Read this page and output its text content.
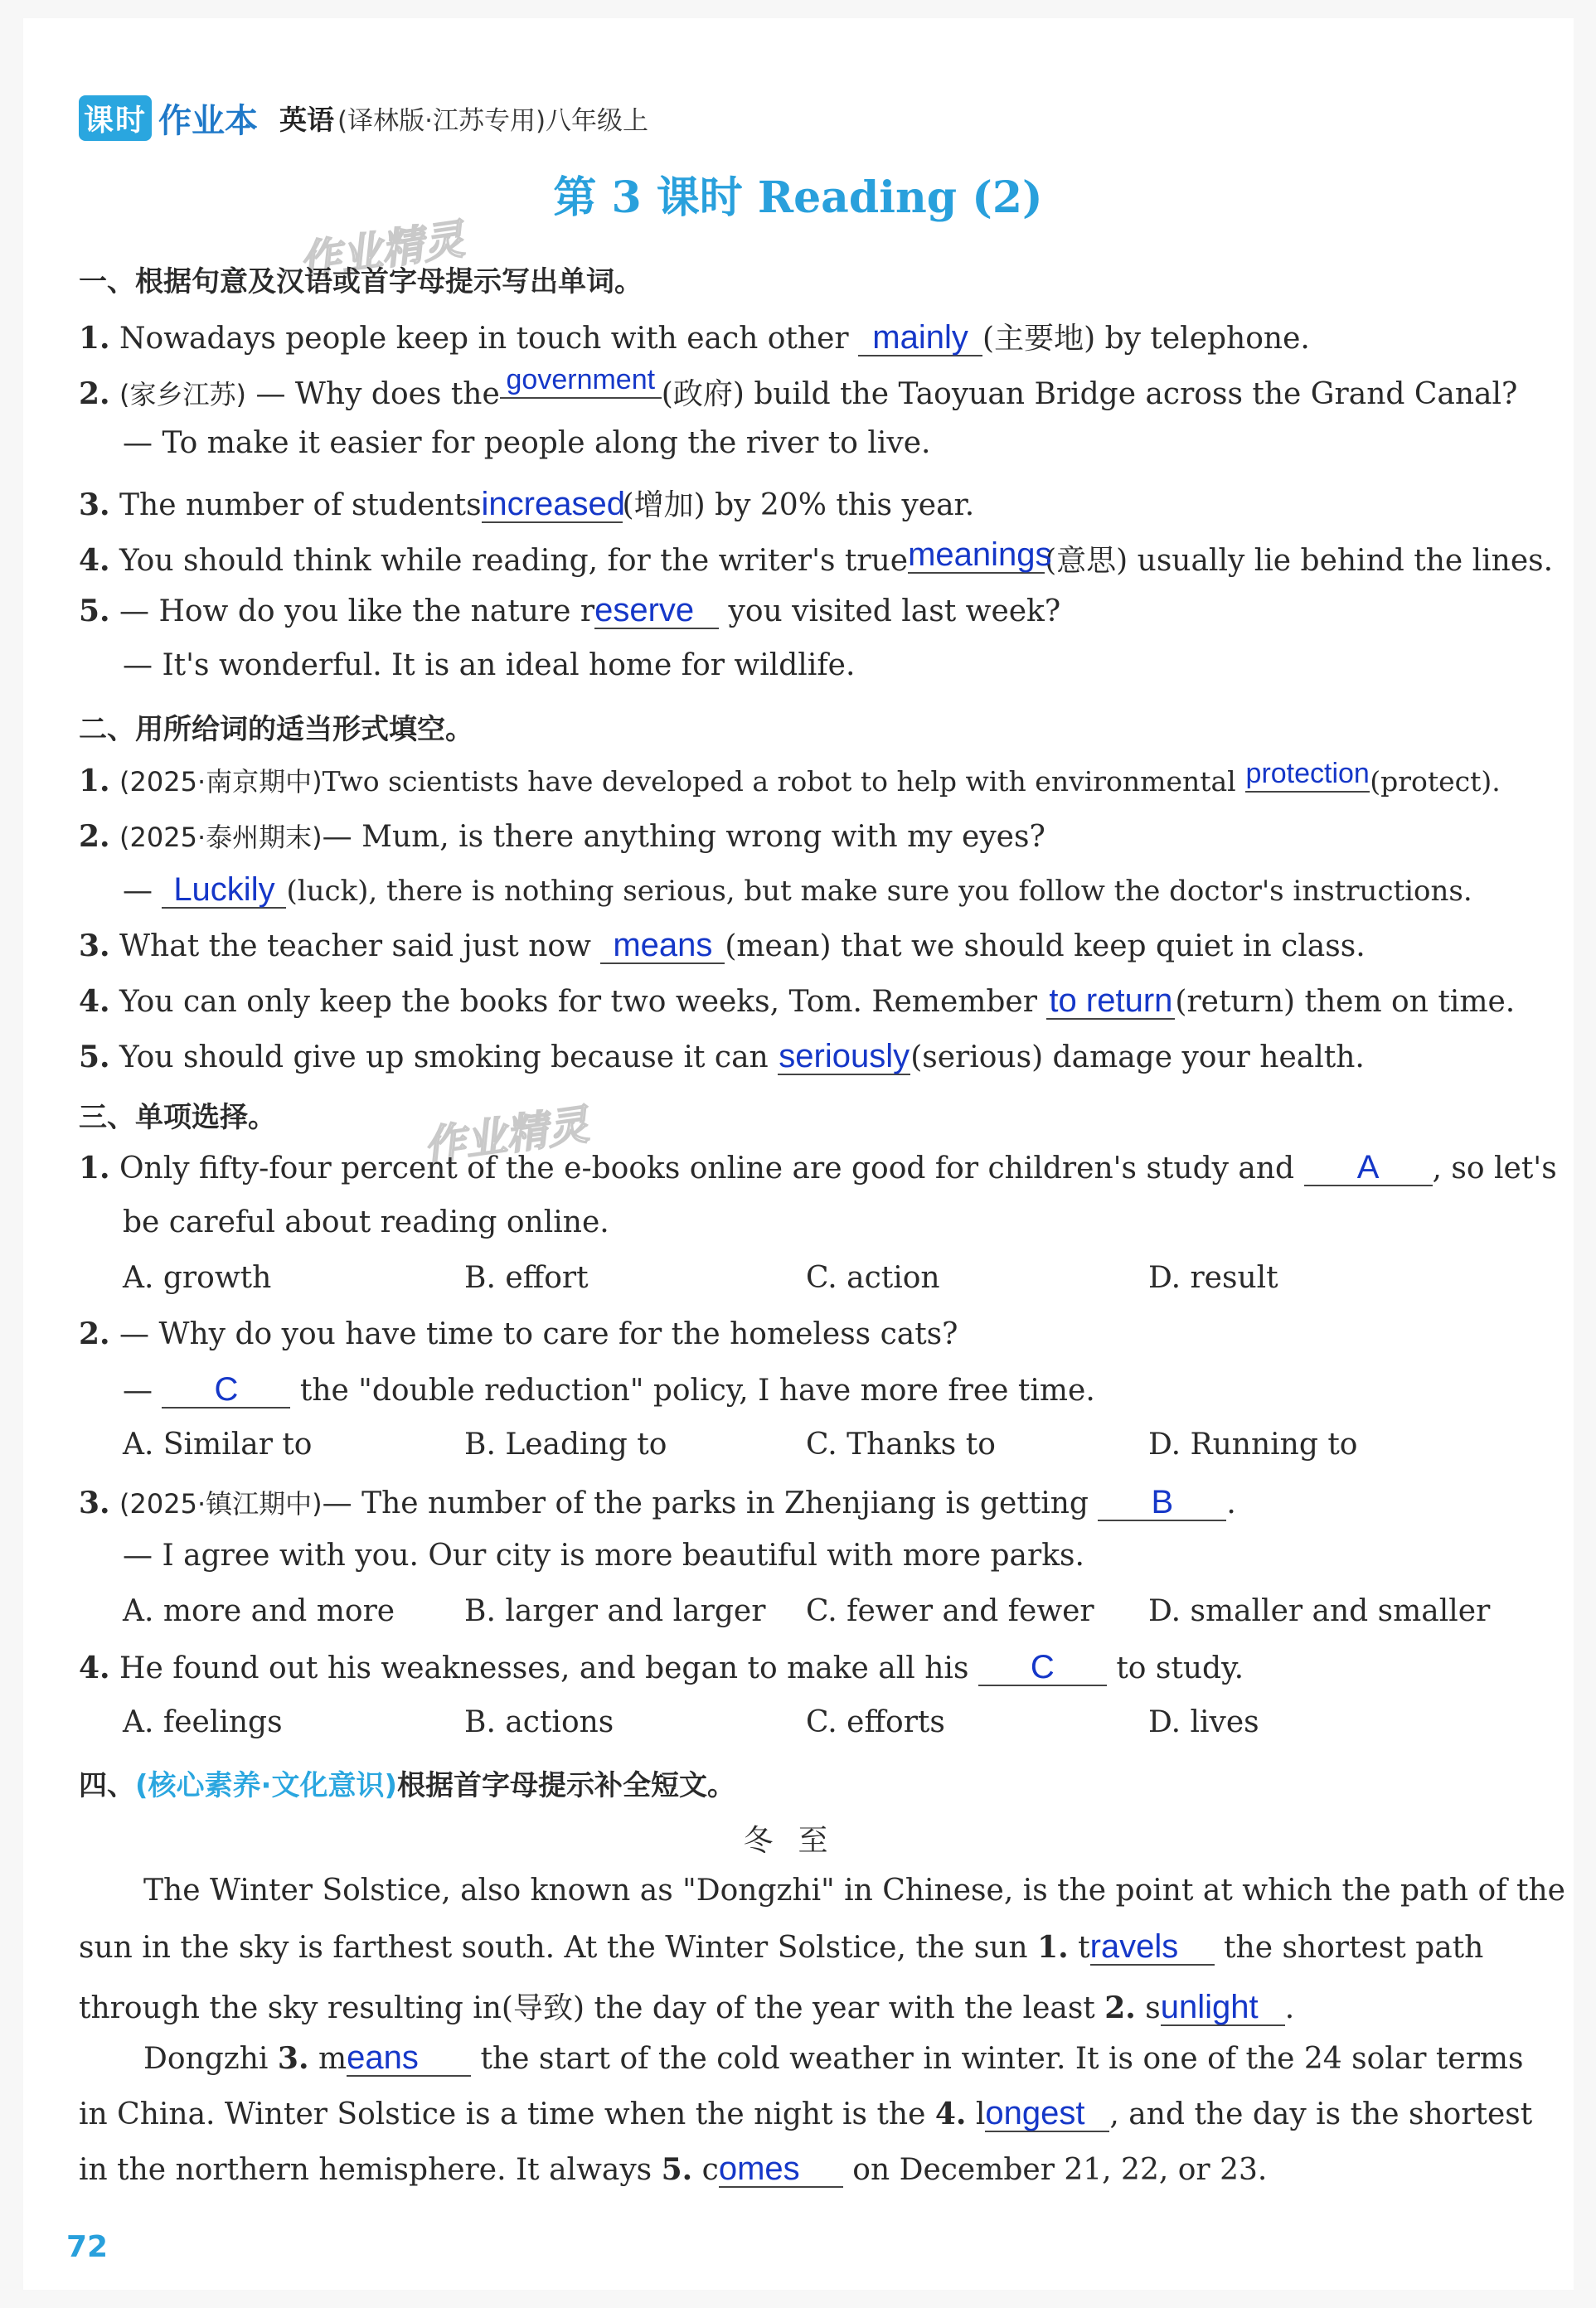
课时 作业本 英语 (译林版·江苏专用)八年级上
第 3 课时 Reading (2)
作业精灵
作业精灵
一、根据句意及汉语或首字母提示写出单词。
1. Nowadays people keep in touch with each other mainly (主要地) by telephone.
2. (家乡江苏) — Why does the government (政府) build the Taoyuan Bridge across the Grand Canal?
— To make it easier for people along the river to live.
3. The number of studentsincreased(增加) by 20% this year.
4. You should think while reading, for the writer's truemeanings(意思) usually lie behind the lines.
5. — How do you like the nature reserve you visited last week?
— It's wonderful. It is an ideal home for wildlife.
二、用所给词的适当形式填空。
1. (2025·南京期中)Two scientists have developed a robot to help with environmental protection(protect).
2. (2025·泰州期末)— Mum, is there anything wrong with my eyes?
— Luckily (luck), there is nothing serious, but make sure you follow the doctor's instructions.
3. What the teacher said just now means (mean) that we should keep quiet in class.
4. You can only keep the books for two weeks, Tom. Remember to return(return) them on time.
5. You should give up smoking because it can seriously(serious) damage your health.
三、单项选择。
1. Only fifty-four percent of the e-books online are good for children's study and A , so let's
be careful about reading online.
A. growth	B. effort	C. action	D. result
2. — Why do you have time to care for the homeless cats?
— C the "double reduction" policy, I have more free time.
A. Similar to	B. Leading to	C. Thanks to	D. Running to
3. (2025·镇江期中)— The number of the parks in Zhenjiang is getting B .
— I agree with you. Our city is more beautiful with more parks.
A. more and more B. larger and larger C. fewer and fewer D. smaller and smaller
4. He found out his weaknesses, and began to make all his C to study.
A. feelings	B. actions	C. efforts	D. lives
四、(核心素养·文化意识)根据首字母提示补全短文。
冬至
The Winter Solstice, also known as "Dongzhi" in Chinese, is the point at which the path of the
sun in the sky is farthest south. At the Winter Solstice, the sun 1. travels the shortest path
through the sky resulting in(导致) the day of the year with the least 2. sunlight .
Dongzhi 3. means the start of the cold weather in winter. It is one of the 24 solar terms
in China. Winter Solstice is a time when the night is the 4. longest , and the day is the shortest
in the northern hemisphere. It always 5. comes on December 21, 22, or 23.
72
